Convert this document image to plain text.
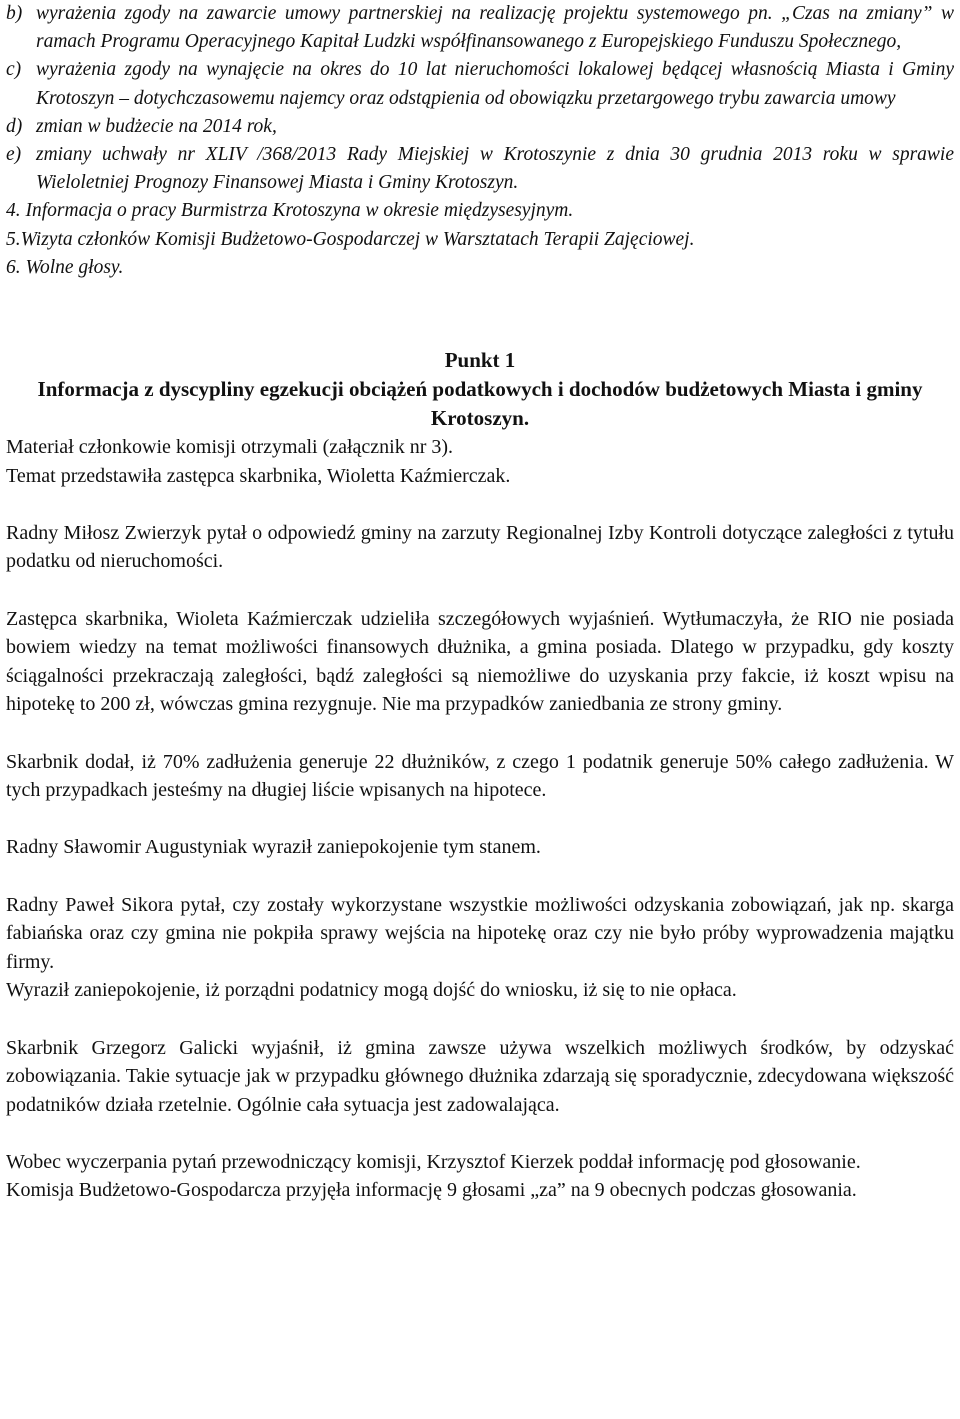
b) wyrażenia zgody na zawarcie umowy partnerskiej na realizację projektu systemowego pn. „Czas na zmiany” w ramach Programu Operacyjnego Kapitał Ludzki współfinansowanego z Europejskiego Funduszu Społecznego,
c) wyrażenia zgody na wynajęcie na okres do 10 lat nieruchomości lokalowej będącej własnością Miasta i Gminy Krotoszyn – dotychczasowemu najemcy oraz odstąpienia od obowiązku przetargowego trybu zawarcia umowy
d) zmian w budżecie na 2014 rok,
e) zmiany uchwały nr XLIV /368/2013 Rady Miejskiej w Krotoszynie z dnia 30 grudnia 2013 roku w sprawie Wieloletniej Prognozy Finansowej Miasta i Gminy Krotoszyn.
4. Informacja o pracy Burmistrza Krotoszyna w okresie międzysesyjnym.
5.Wizyta członków Komisji Budżetowo-Gospodarczej w Warsztatach Terapii Zajęciowej.
6. Wolne głosy.
Punkt 1
Informacja z dyscypliny egzekucji obciążeń podatkowych i dochodów budżetowych Miasta i gminy Krotoszyn.

Materiał członkowie komisji otrzymali (załącznik nr 3).

Temat przedstawiła zastępca skarbnika, Wioletta Kaźmierczak.

Radny Miłosz Zwierzyk pytał o odpowiedź gminy na zarzuty Regionalnej Izby Kontroli dotyczące zaległości z tytułu podatku od nieruchomości.

Zastępca skarbnika, Wioleta Kaźmierczak udzieliła szczegółowych wyjaśnień. Wytłumaczyła, że RIO nie posiada bowiem wiedzy na temat możliwości finansowych dłużnika, a gmina posiada. Dlatego w przypadku, gdy koszty ściągalności przekraczają zaległości, bądź zaległości są niemożliwe do uzyskania przy fakcie, iż koszt wpisu na hipotekę to 200 zł, wówczas gmina rezygnuje. Nie ma przypadków zaniedbania ze strony gminy.

Skarbnik dodał, iż 70% zadłużenia generuje 22 dłużników, z czego 1 podatnik generuje 50% całego zadłużenia. W tych przypadkach jesteśmy na długiej liście wpisanych na hipotece.

Radny Sławomir Augustyniak wyraził zaniepokojenie tym stanem.

Radny Paweł Sikora pytał, czy zostały wykorzystane wszystkie możliwości odzyskania zobowiązań, jak np. skarga fabiańska oraz czy gmina nie pokpiła sprawy wejścia na hipotekę oraz czy nie było próby wyprowadzenia majątku firmy.

Wyraził zaniepokojenie, iż porządni podatnicy mogą dojść do wniosku, iż się to nie opłaca.

Skarbnik Grzegorz Galicki wyjaśnił, iż gmina zawsze używa wszelkich możliwych środków, by odzyskać zobowiązania. Takie sytuacje jak w przypadku głównego dłużnika zdarzają się sporadycznie, zdecydowana większość podatników działa rzetelnie. Ogólnie cała sytuacja jest zadowalająca.

Wobec wyczerpania pytań przewodniczący komisji, Krzysztof Kierzek poddał informację pod głosowanie.

Komisja Budżetowo-Gospodarcza przyjęła informację 9 głosami „za” na 9 obecnych podczas głosowania.
